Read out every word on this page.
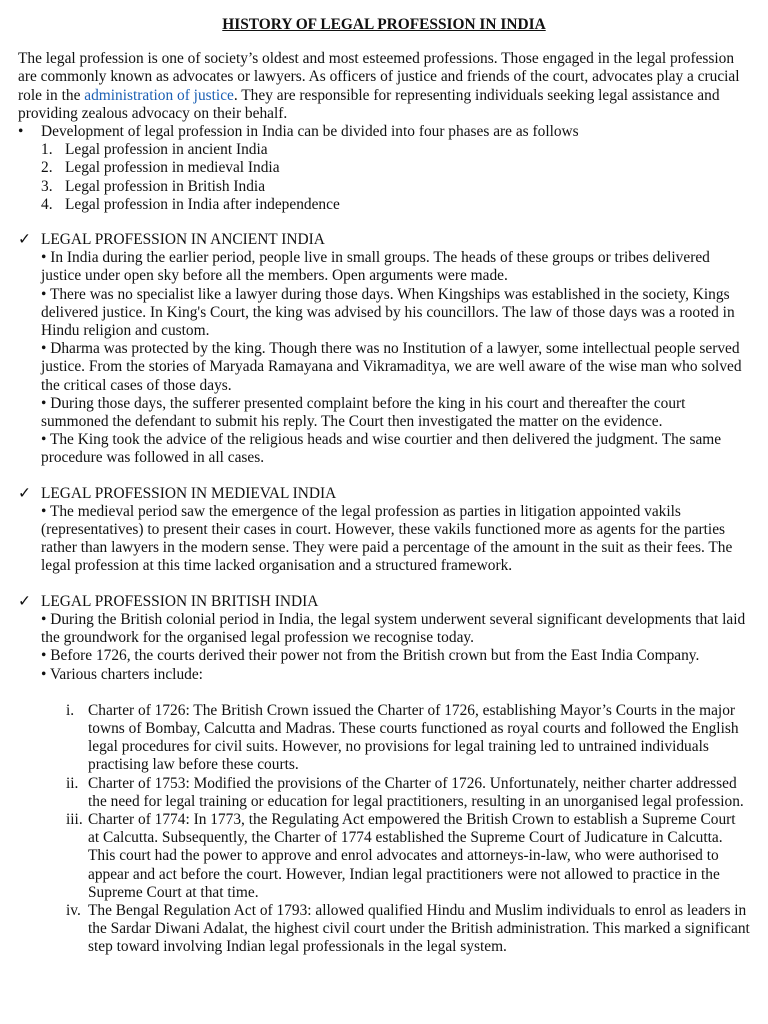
HISTORY OF LEGAL PROFESSION IN INDIA

The legal profession is one of society’s oldest and most esteemed professions. Those engaged in the legal profession are commonly known as advocates or lawyers. As officers of justice and friends of the court, advocates play a crucial role in the administration of justice. They are responsible for representing individuals seeking legal assistance and providing zealous advocacy on their behalf.

•	Development of legal profession in India can be divided into four phases are as follows
1. Legal profession in ancient India
2. Legal profession in medieval India
3. Legal profession in British India
4. Legal profession in India after independence
✓ LEGAL PROFESSION IN ANCIENT INDIA

• In India during the earlier period, people live in small groups. The heads of these groups or tribes delivered justice under open sky before all the members. Open arguments were made.

• There was no specialist like a lawyer during those days. When Kingships was established in the society, Kings delivered justice. In King's Court, the king was advised by his councillors. The law of those days was a rooted in Hindu religion and custom.

• Dharma was protected by the king. Though there was no Institution of a lawyer, some intellectual people served justice. From the stories of Maryada Ramayana and Vikramaditya, we are well aware of the wise man who solved the critical cases of those days.

• During those days, the sufferer presented complaint before the king in his court and thereafter the court summoned the defendant to submit his reply. The Court then investigated the matter on the evidence.

• The King took the advice of the religious heads and wise courtier and then delivered the judgment. The same procedure was followed in all cases.

✓ LEGAL PROFESSION IN MEDIEVAL INDIA

• The medieval period saw the emergence of the legal profession as parties in litigation appointed vakils (representatives) to present their cases in court. However, these vakils functioned more as agents for the parties rather than lawyers in the modern sense. They were paid a percentage of the amount in the suit as their fees. The legal profession at this time lacked organisation and a structured framework.

✓ LEGAL PROFESSION IN BRITISH INDIA

• During the British colonial period in India, the legal system underwent several significant developments that laid the groundwork for the organised legal profession we recognise today.

• Before 1726, the courts derived their power not from the British crown but from the East India Company.

• Various charters include:

i. Charter of 1726: The British Crown issued the Charter of 1726, establishing Mayor’s Courts in the major towns of Bombay, Calcutta and Madras. These courts functioned as royal courts and followed the English legal procedures for civil suits. However, no provisions for legal training led to untrained individuals practising law before these courts.
ii. Charter of 1753: Modified the provisions of the Charter of 1726. Unfortunately, neither charter addressed the need for legal training or education for legal practitioners, resulting in an unorganised legal profession.
iii. Charter of 1774: In 1773, the Regulating Act empowered the British Crown to establish a Supreme Court at Calcutta. Subsequently, the Charter of 1774 established the Supreme Court of Judicature in Calcutta. This court had the power to approve and enrol advocates and attorneys-in-law, who were authorised to appear and act before the court. However, Indian legal practitioners were not allowed to practice in the Supreme Court at that time.
iv. The Bengal Regulation Act of 1793: allowed qualified Hindu and Muslim individuals to enrol as leaders in the Sardar Diwani Adalat, the highest civil court under the British administration. This marked a significant step toward involving Indian legal professionals in the legal system.
